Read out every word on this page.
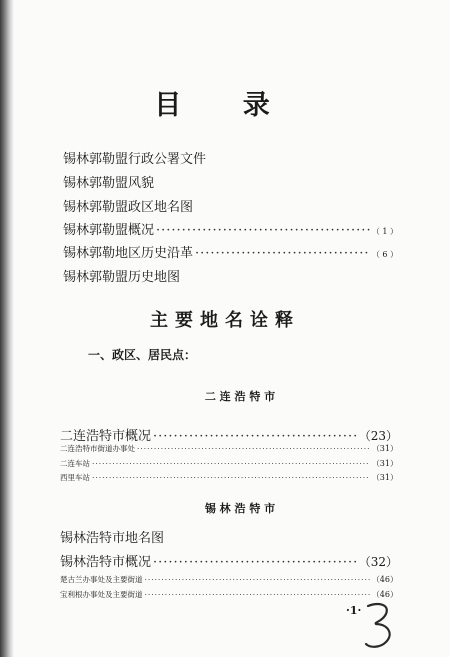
目 录
锡林郭勒盟行政公署文件
锡林郭勒盟风貌
锡林郭勒盟政区地名图
锡林郭勒盟概况 ·····	（ 1 ）
锡林郭勒地区历史沿革 ·····	（ 6 ）
锡林郭勒盟历史地图
主要地名诠释
一、政区、居民点：
二 连 浩 特 市
二连浩特市概况 ·····	（23）
二连浩特市街道办事处 ·····	（31）
二连车站 ·····	（31）
西里车站 ·····	（31）
锡 林 浩 特 市
锡林浩特市地名图
锡林浩特市概况 ·····	（32）
楚古兰办事处及主要街道 ·····	（46）
宝利根办事处及主要街道 ·····	（46）
·1·
